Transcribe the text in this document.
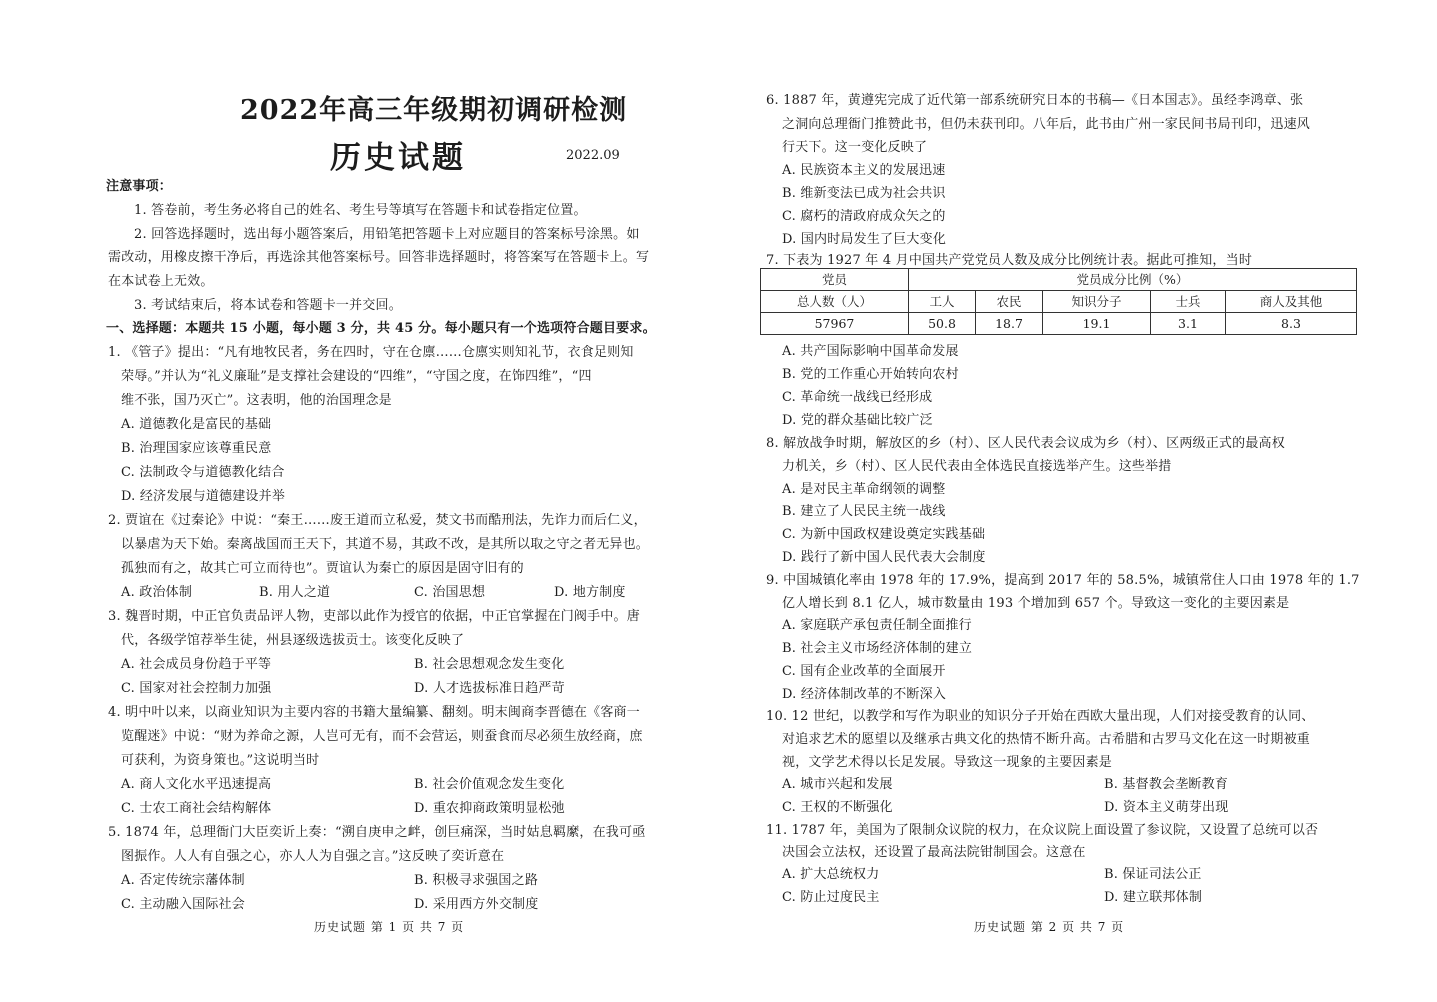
2022年高三年级期初调研检测
历史试题	2022.09
注意事项：
1. 答卷前，考生务必将自己的姓名、考生号等填写在答题卡和试卷指定位置。
2. 回答选择题时，选出每小题答案后，用铅笔把答题卡上对应题目的答案标号涂黑。如
需改动，用橡皮擦干净后，再选涂其他答案标号。回答非选择题时，将答案写在答题卡上。写
在本试卷上无效。
3. 考试结束后，将本试卷和答题卡一并交回。
一、选择题：本题共 15 小题，每小题 3 分，共 45 分。每小题只有一个选项符合题目要求。
1. 《管子》提出：“凡有地牧民者，务在四时，守在仓廪……仓廪实则知礼节，衣食足则知
荣辱。”并认为“礼义廉耻”是支撑社会建设的“四维”，“守国之度，在饰四维”，“四
维不张，国乃灭亡”。这表明，他的治国理念是
A. 道德教化是富民的基础
B. 治理国家应该尊重民意
C. 法制政令与道德教化结合
D. 经济发展与道德建设并举
2. 贾谊在《过秦论》中说：“秦王……废王道而立私爱，焚文书而酷刑法，先诈力而后仁义，
以暴虐为天下始。秦离战国而王天下，其道不易，其政不改，是其所以取之守之者无异也。
孤独而有之，故其亡可立而待也”。贾谊认为秦亡的原因是固守旧有的
A. 政治体制	B. 用人之道	C. 治国思想	D. 地方制度
3. 魏晋时期，中正官负责品评人物，吏部以此作为授官的依据，中正官掌握在门阀手中。唐
代，各级学馆荐举生徒，州县逐级选拔贡士。该变化反映了
A. 社会成员身份趋于平等	B. 社会思想观念发生变化
C. 国家对社会控制力加强	D. 人才选拔标准日趋严苛
4. 明中叶以来，以商业知识为主要内容的书籍大量编纂、翻刻。明末闽商李晋德在《客商一
览醒迷》中说：“财为养命之源，人岂可无有，而不会营运，则蚕食而尽必须生放经商，庶
可获利，为资身策也。”这说明当时
A. 商人文化水平迅速提高	B. 社会价值观念发生变化
C. 士农工商社会结构解体	D. 重农抑商政策明显松弛
5. 1874 年，总理衙门大臣奕䜣上奏：“溯自庚申之衅，创巨痛深，当时姑息羁縻，在我可亟
图振作。人人有自强之心，亦人人为自强之言。”这反映了奕䜣意在
A. 否定传统宗藩体制	B. 积极寻求强国之路
C. 主动融入国际社会	D. 采用西方外交制度
历史试题 第 1 页 共 7 页
6. 1887 年，黄遵宪完成了近代第一部系统研究日本的书稿—《日本国志》。虽经李鸿章、张
之洞向总理衙门推赞此书，但仍未获刊印。八年后，此书由广州一家民间书局刊印，迅速风
行天下。这一变化反映了
A. 民族资本主义的发展迅速
B. 维新变法已成为社会共识
C. 腐朽的清政府成众矢之的
D. 国内时局发生了巨大变化
7. 下表为 1927 年 4 月中国共产党党员人数及成分比例统计表。据此可推知，当时
党员	党员成分比例（%）				
总人数（人）	工人	农民	知识分子	士兵	商人及其他
57967	50.8	18.7	19.1	3.1	8.3
A. 共产国际影响中国革命发展
B. 党的工作重心开始转向农村
C. 革命统一战线已经形成
D. 党的群众基础比较广泛
8. 解放战争时期，解放区的乡（村）、区人民代表会议成为乡（村）、区两级正式的最高权
力机关，乡（村）、区人民代表由全体选民直接选举产生。这些举措
A. 是对民主革命纲领的调整
B. 建立了人民民主统一战线
C. 为新中国政权建设奠定实践基础
D. 践行了新中国人民代表大会制度
9. 中国城镇化率由 1978 年的 17.9%，提高到 2017 年的 58.5%，城镇常住人口由 1978 年的 1.7
亿人增长到 8.1 亿人，城市数量由 193 个增加到 657 个。导致这一变化的主要因素是
A. 家庭联产承包责任制全面推行
B. 社会主义市场经济体制的建立
C. 国有企业改革的全面展开
D. 经济体制改革的不断深入
10. 12 世纪，以教学和写作为职业的知识分子开始在西欧大量出现，人们对接受教育的认同、
对追求艺术的愿望以及继承古典文化的热情不断升高。古希腊和古罗马文化在这一时期被重
视，文学艺术得以长足发展。导致这一现象的主要因素是
A. 城市兴起和发展	B. 基督教会垄断教育
C. 王权的不断强化	D. 资本主义萌芽出现
11. 1787 年，美国为了限制众议院的权力，在众议院上面设置了参议院，又设置了总统可以否
决国会立法权，还设置了最高法院钳制国会。这意在
A. 扩大总统权力	B. 保证司法公正
C. 防止过度民主	D. 建立联邦体制
历史试题 第 2 页 共 7 页
